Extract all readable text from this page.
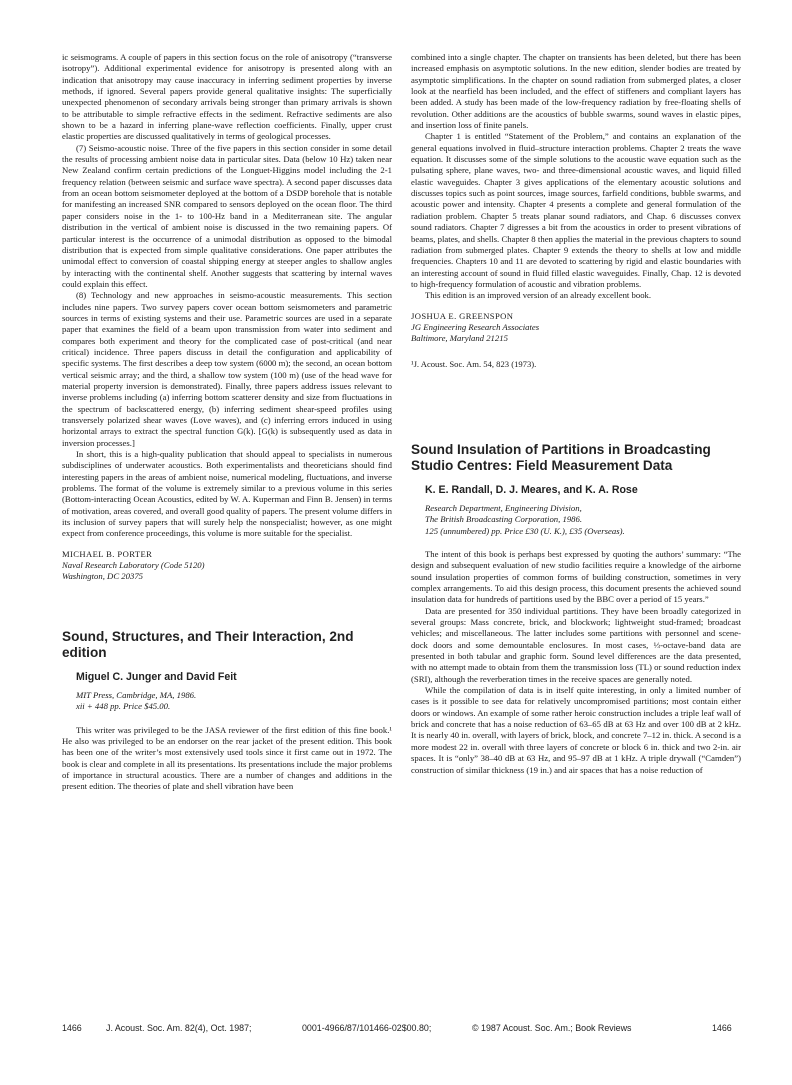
ic seismograms. A couple of papers in this section focus on the role of anisotropy (“transverse isotropy”). Additional experimental evidence for anisotropy is presented along with an indication that anisotropy may cause inaccuracy in inferring sediment properties by inverse methods, if ignored. Several papers provide general qualitative insights: The superficially unexpected phenomenon of secondary arrivals being stronger than primary arrivals is shown to be attributable to simple refractive effects in the sediment. Refractive sediments are also shown to be a hazard in inferring plane-wave reflection coefficients. Finally, upper crust elastic properties are discussed qualitatively in terms of geological processes.

(7) Seismo-acoustic noise. Three of the five papers in this section consider in some detail the results of processing ambient noise data in particular sites. Data (below 10 Hz) taken near New Zealand confirm certain predictions of the Longuet-Higgins model including the 2-1 frequency relation (between seismic and surface wave spectra). A second paper discusses data from an ocean bottom seismometer deployed at the bottom of a DSDP borehole that is notable for manifesting an increased SNR compared to sensors deployed on the ocean floor. The third paper considers noise in the 1- to 100-Hz band in a Mediterranean site. The angular distribution in the vertical of ambient noise is discussed in the two remaining papers. Of particular interest is the occurrence of a unimodal distribution as opposed to the bimodal distribution that is expected from simple qualitative considerations. One paper attributes the unimodal effect to conversion of coastal shipping energy at steeper angles to shallow angles by interacting with the continental shelf. Another suggests that scattering by internal waves could explain this effect.

(8) Technology and new approaches in seismo-acoustic measurements. This section includes nine papers. Two survey papers cover ocean bottom seismometers and parametric sources in terms of existing systems and their use. Parametric sources are used in a separate paper that examines the field of a beam upon transmission from water into sediment and compares both experiment and theory for the complicated case of post-critical (and near critical) incidence. Three papers discuss in detail the configuration and applicability of specific systems. The first describes a deep tow system (6000 m); the second, an ocean bottom vertical seismic array; and the third, a shallow tow system (100 m) (use of the head wave for material property inversion is demonstrated). Finally, three papers address issues relevant to inverse problems including (a) inferring bottom scatterer density and size from fluctuations in the spectrum of backscattered energy, (b) inferring sediment shear-speed profiles using transversely polarized shear waves (Love waves), and (c) inferring errors induced in using horizontal arrays to extract the spectral function G(k). [G(k) is subsequently used as data in inversion processes.]

In short, this is a high-quality publication that should appeal to specialists in numerous subdisciplines of underwater acoustics. Both experimentalists and theoreticians should find interesting papers in the areas of ambient noise, numerical modeling, fluctuations, and inverse problems. The format of the volume is extremely similar to a previous volume in this series (Bottom-interacting Ocean Acoustics, edited by W. A. Kuperman and Finn B. Jensen) in terms of motivation, areas covered, and overall good quality of papers. The present volume differs in its inclusion of survey papers that will surely help the nonspecialist; however, as one might expect from conference proceedings, this volume is more suitable for the specialist.

MICHAEL B. PORTER
Naval Research Laboratory (Code 5120)
Washington, DC 20375
Sound, Structures, and Their Interaction, 2nd edition
Miguel C. Junger and David Feit
MIT Press, Cambridge, MA, 1986.
xii + 448 pp. Price $45.00.

This writer was privileged to be the JASA reviewer of the first edition of this fine book.¹ He also was privileged to be an endorser on the rear jacket of the present edition. This book has been one of the writer’s most extensively used tools since it first came out in 1972. The book is clear and complete in all its presentations. Its presentations include the major problems of importance in structural acoustics. There are a number of changes and additions in the present edition. The theories of plate and shell vibration have been

combined into a single chapter. The chapter on transients has been deleted, but there has been increased emphasis on asymptotic solutions. In the new edition, slender bodies are treated by asymptotic simplifications. In the chapter on sound radiation from submerged plates, a closer look at the nearfield has been included, and the effect of stiffeners and compliant layers has been added. A study has been made of the low-frequency radiation by free-floating shells of revolution. Other additions are the acoustics of bubble swarms, sound waves in elastic pipes, and insertion loss of finite panels.

Chapter 1 is entitled “Statement of the Problem,” and contains an explanation of the general equations involved in fluid–structure interaction problems. Chapter 2 treats the wave equation. It discusses some of the simple solutions to the acoustic wave equation such as the pulsating sphere, plane waves, two- and three-dimensional acoustic waves, and liquid filled elastic waveguides. Chapter 3 gives applications of the elementary acoustic solutions and discusses topics such as point sources, image sources, farfield conditions, bubble swarms, and acoustic power and intensity. Chapter 4 presents a complete and general formulation of the radiation problem. Chapter 5 treats planar sound radiators, and Chap. 6 discusses convex sound radiators. Chapter 7 digresses a bit from the acoustics in order to present vibrations of beams, plates, and shells. Chapter 8 then applies the material in the previous chapters to sound radiation from submerged plates. Chapter 9 extends the theory to shells at low and middle frequencies. Chapters 10 and 11 are devoted to scattering by rigid and elastic boundaries with an interesting account of sound in fluid filled elastic waveguides. Finally, Chap. 12 is devoted to high-frequency formulation of acoustic and vibration problems.

This edition is an improved version of an already excellent book.

JOSHUA E. GREENSPON
JG Engineering Research Associates
Baltimore, Maryland 21215
¹J. Acoust. Soc. Am. 54, 823 (1973).
Sound Insulation of Partitions in Broadcasting Studio Centres: Field Measurement Data
K. E. Randall, D. J. Meares, and K. A. Rose
Research Department, Engineering Division,
The British Broadcasting Corporation, 1986.
125 (unnumbered) pp. Price £30 (U. K.), £35 (Overseas).

The intent of this book is perhaps best expressed by quoting the authors’ summary: “The design and subsequent evaluation of new studio facilities require a knowledge of the airborne sound insulation properties of common forms of building construction, sometimes in very complex arrangements. To aid this design process, this document presents the achieved sound insulation data for hundreds of partitions used by the BBC over a period of 15 years.”

Data are presented for 350 individual partitions. They have been broadly categorized in several groups: Mass concrete, brick, and blockwork; lightweight stud-framed; broadcast vehicles; and miscellaneous. The latter includes some partitions with personnel and scene-dock doors and some demountable enclosures. In most cases, ⅓-octave-band data are presented in both tabular and graphic form. Sound level differences are the data presented, with no attempt made to obtain from them the transmission loss (TL) or sound reduction index (SRI), although the reverberation times in the receive spaces are generally noted.

While the compilation of data is in itself quite interesting, in only a limited number of cases is it possible to see data for relatively uncompromised partitions; most contain either doors or windows. An example of some rather heroic construction includes a triple leaf wall of brick and concrete that has a noise reduction of 63–65 dB at 63 Hz and over 100 dB at 2 kHz. It is nearly 40 in. overall, with layers of brick, block, and concrete 7–12 in. thick. A second is a more modest 22 in. overall with three layers of concrete or block 6 in. thick and two 2-in. air spaces. It is “only” 38–40 dB at 63 Hz, and 95–97 dB at 1 kHz. A triple drywall (“Camden”) construction of similar thickness (19 in.) and air spaces that has a noise reduction of

1466	J. Acoust. Soc. Am. 82(4), Oct. 1987;	0001-4966/87/101466-02$00.80;	© 1987 Acoust. Soc. Am.; Book Reviews	1466
